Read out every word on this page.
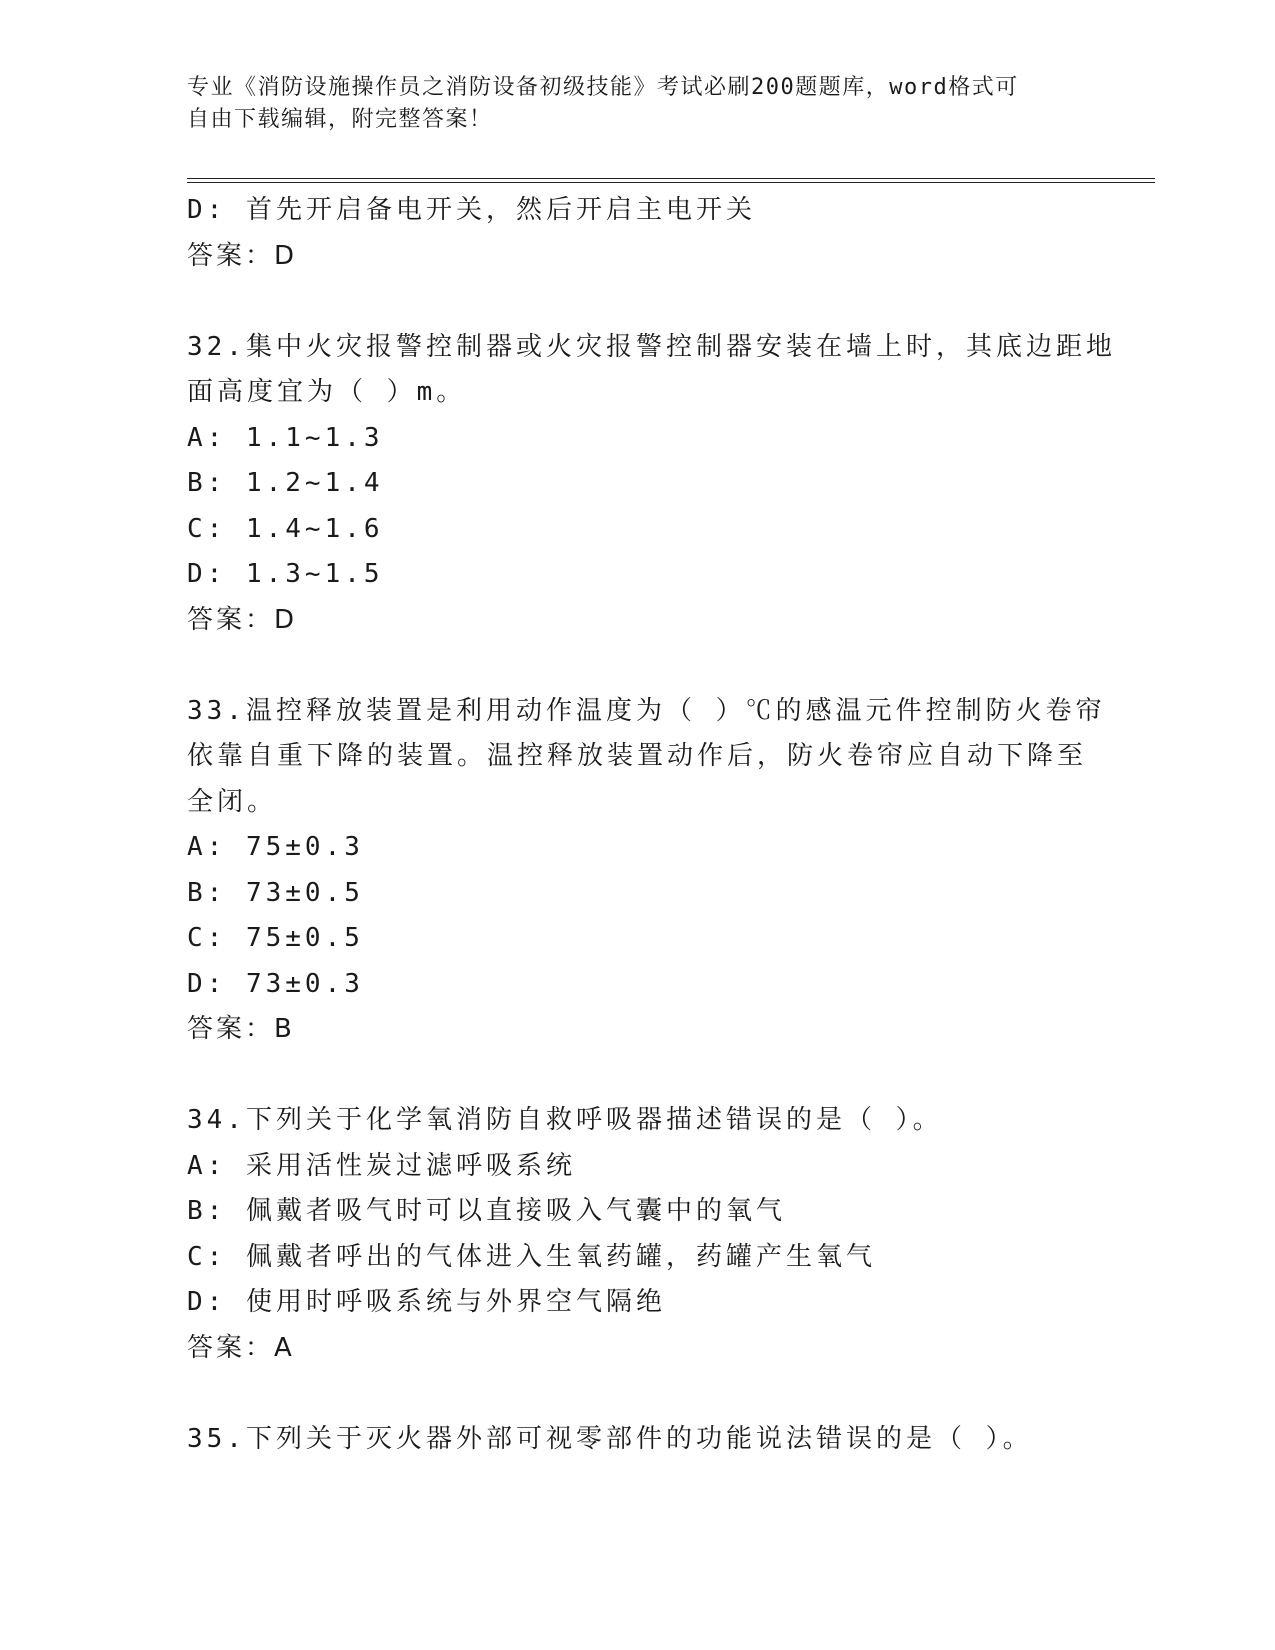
专业《消防设施操作员之消防设备初级技能》考试必刷200题题库，word格式可
自由下载编辑，附完整答案！
D: 首先开启备电开关，然后开启主电开关
答案：D
32.集中火灾报警控制器或火灾报警控制器安装在墙上时，其底边距地
面高度宜为（ ）m。
A: 1.1~1.3
B: 1.2~1.4
C: 1.4~1.6
D: 1.3~1.5
答案：D
33.温控释放装置是利用动作温度为（ ）℃的感温元件控制防火卷帘
依靠自重下降的装置。温控释放装置动作后，防火卷帘应自动下降至
全闭。
A: 75±0.3
B: 73±0.5
C: 75±0.5
D: 73±0.3
答案：B
34.下列关于化学氧消防自救呼吸器描述错误的是（ ）。
A: 采用活性炭过滤呼吸系统
B: 佩戴者吸气时可以直接吸入气囊中的氧气
C: 佩戴者呼出的气体进入生氧药罐，药罐产生氧气
D: 使用时呼吸系统与外界空气隔绝
答案：A
35.下列关于灭火器外部可视零部件的功能说法错误的是（ ）。
